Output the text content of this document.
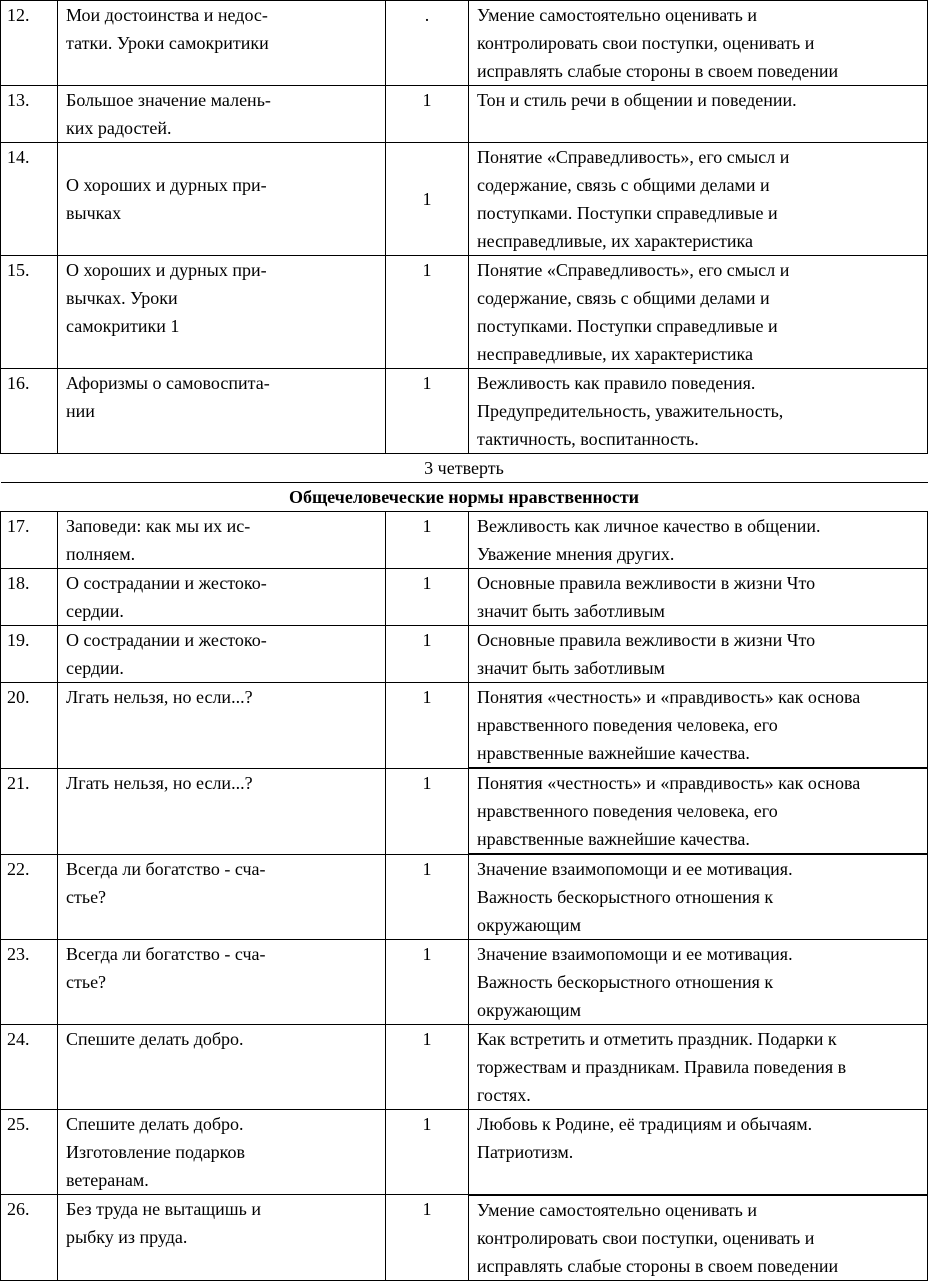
12.	Мои достоинства и недос-
татки. Уроки самокритики	.	Умение самостоятельно оценивать и
контролировать свои поступки, оценивать и
исправлять слабые стороны в своем поведении

13.	Большое значение малень-
ких радостей.	1	Тон и стиль речи в общении и поведении.

14.	О хороших и дурных при-
вычках	1	Понятие «Справедливость», его смысл и
содержание, связь с общими делами и
поступками. Поступки справедливые и
несправедливые, их характеристика

15.	О хороших и дурных при-
вычках. Уроки
самокритики 1	1	Понятие «Справедливость», его смысл и
содержание, связь с общими делами и
поступками. Поступки справедливые и
несправедливые, их характеристика

16.	Афоризмы о самовоспита-
нии	1	Вежливость как правило поведения.
Предупредительность, уважительность,
тактичность, воспитанность.

3 четверть			
Общечеловеческие нормы нравственности			
17.	Заповеди: как мы их ис-
полняем.	1	Вежливость как личное качество в общении.
Уважение мнения других.

18.	О сострадании и жестоко-
сердии.	1	Основные правила вежливости в жизни Что
значит быть заботливым

19.	О сострадании и жестоко-
сердии.	1	Основные правила вежливости в жизни Что
значит быть заботливым

20.	Лгать нельзя, но если...?	1	Понятия «честность» и «правдивость» как основа
нравственного поведения человека, его
нравственные важнейшие качества.

21.	Лгать нельзя, но если...?	1	Понятия «честность» и «правдивость» как основа
нравственного поведения человека, его
нравственные важнейшие качества.

22.	Всегда ли богатство - сча-
стье?	1	Значение взаимопомощи и ее мотивация.
Важность бескорыстного отношения к
окружающим

23.	Всегда ли богатство - сча-
стье?	1	Значение взаимопомощи и ее мотивация.
Важность бескорыстного отношения к
окружающим

24.	Спешите делать добро.	1	Как встретить и отметить праздник. Подарки к
торжествам и праздникам. Правила поведения в
гостях.

25.	Спешите делать добро.
Изготовление подарков
ветеранам.	1	Любовь к Родине, её традициям и обычаям.
Патриотизм.

26.	Без труда не вытащишь и
рыбку из пруда.	1	Умение самостоятельно оценивать и
контролировать свои поступки, оценивать и
исправлять слабые стороны в своем поведении
